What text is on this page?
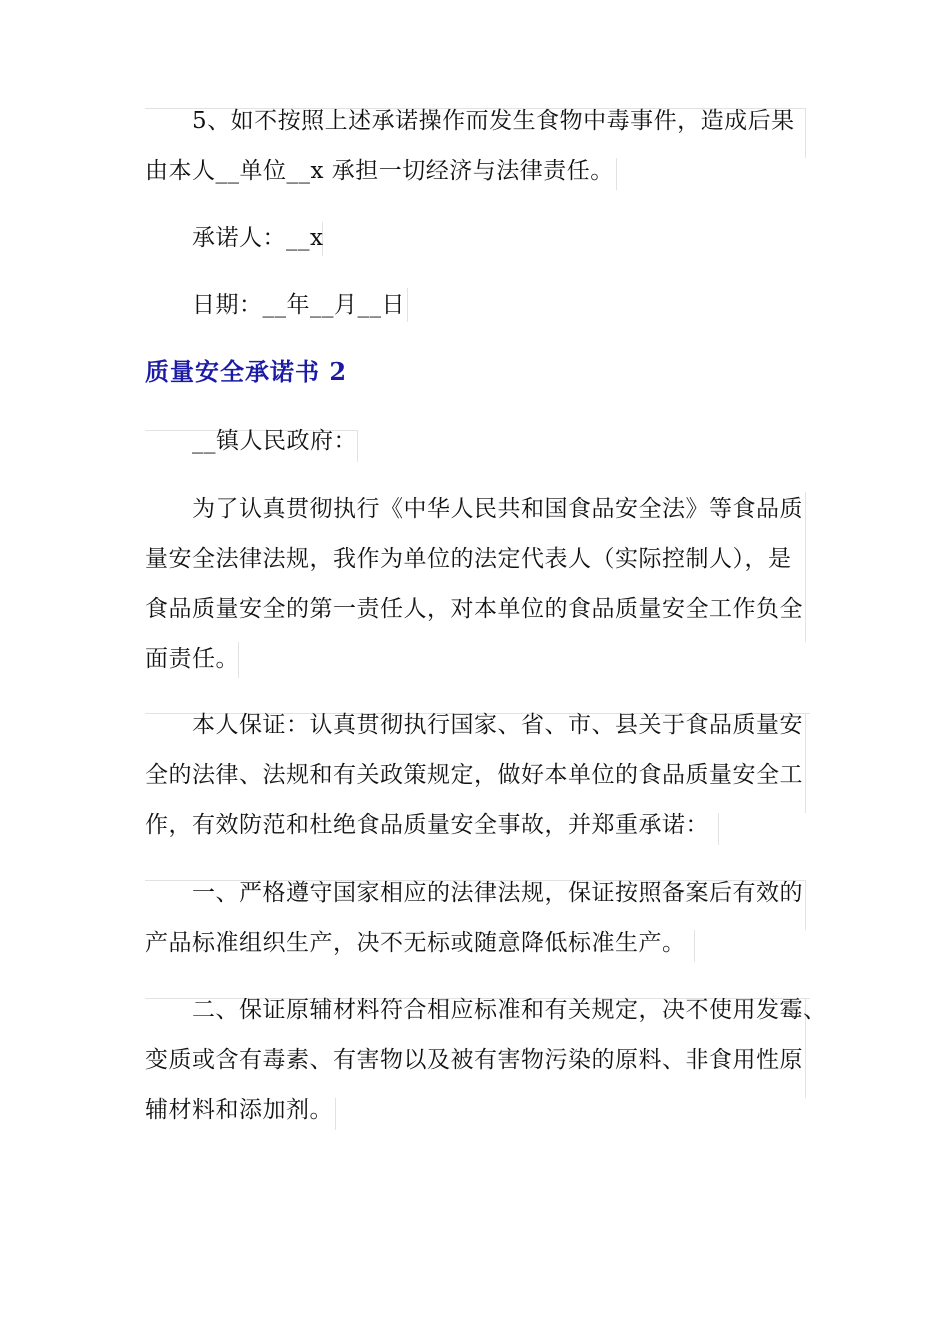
5、如不按照上述承诺操作而发生食物中毒事件，造成后果
由本人__单位__x 承担一切经济与法律责任。
承诺人：__x
日期：__年__月__日
质量安全承诺书 2
__镇人民政府：
为了认真贯彻执行《中华人民共和国食品安全法》等食品质
量安全法律法规，我作为单位的法定代表人（实际控制人），是
食品质量安全的第一责任人，对本单位的食品质量安全工作负全
面责任。
本人保证：认真贯彻执行国家、省、市、县关于食品质量安
全的法律、法规和有关政策规定，做好本单位的食品质量安全工
作，有效防范和杜绝食品质量安全事故，并郑重承诺：
一、严格遵守国家相应的法律法规，保证按照备案后有效的
产品标准组织生产，决不无标或随意降低标准生产。
二、保证原辅材料符合相应标准和有关规定，决不使用发霉、
变质或含有毒素、有害物以及被有害物污染的原料、非食用性原
辅材料和添加剂。
